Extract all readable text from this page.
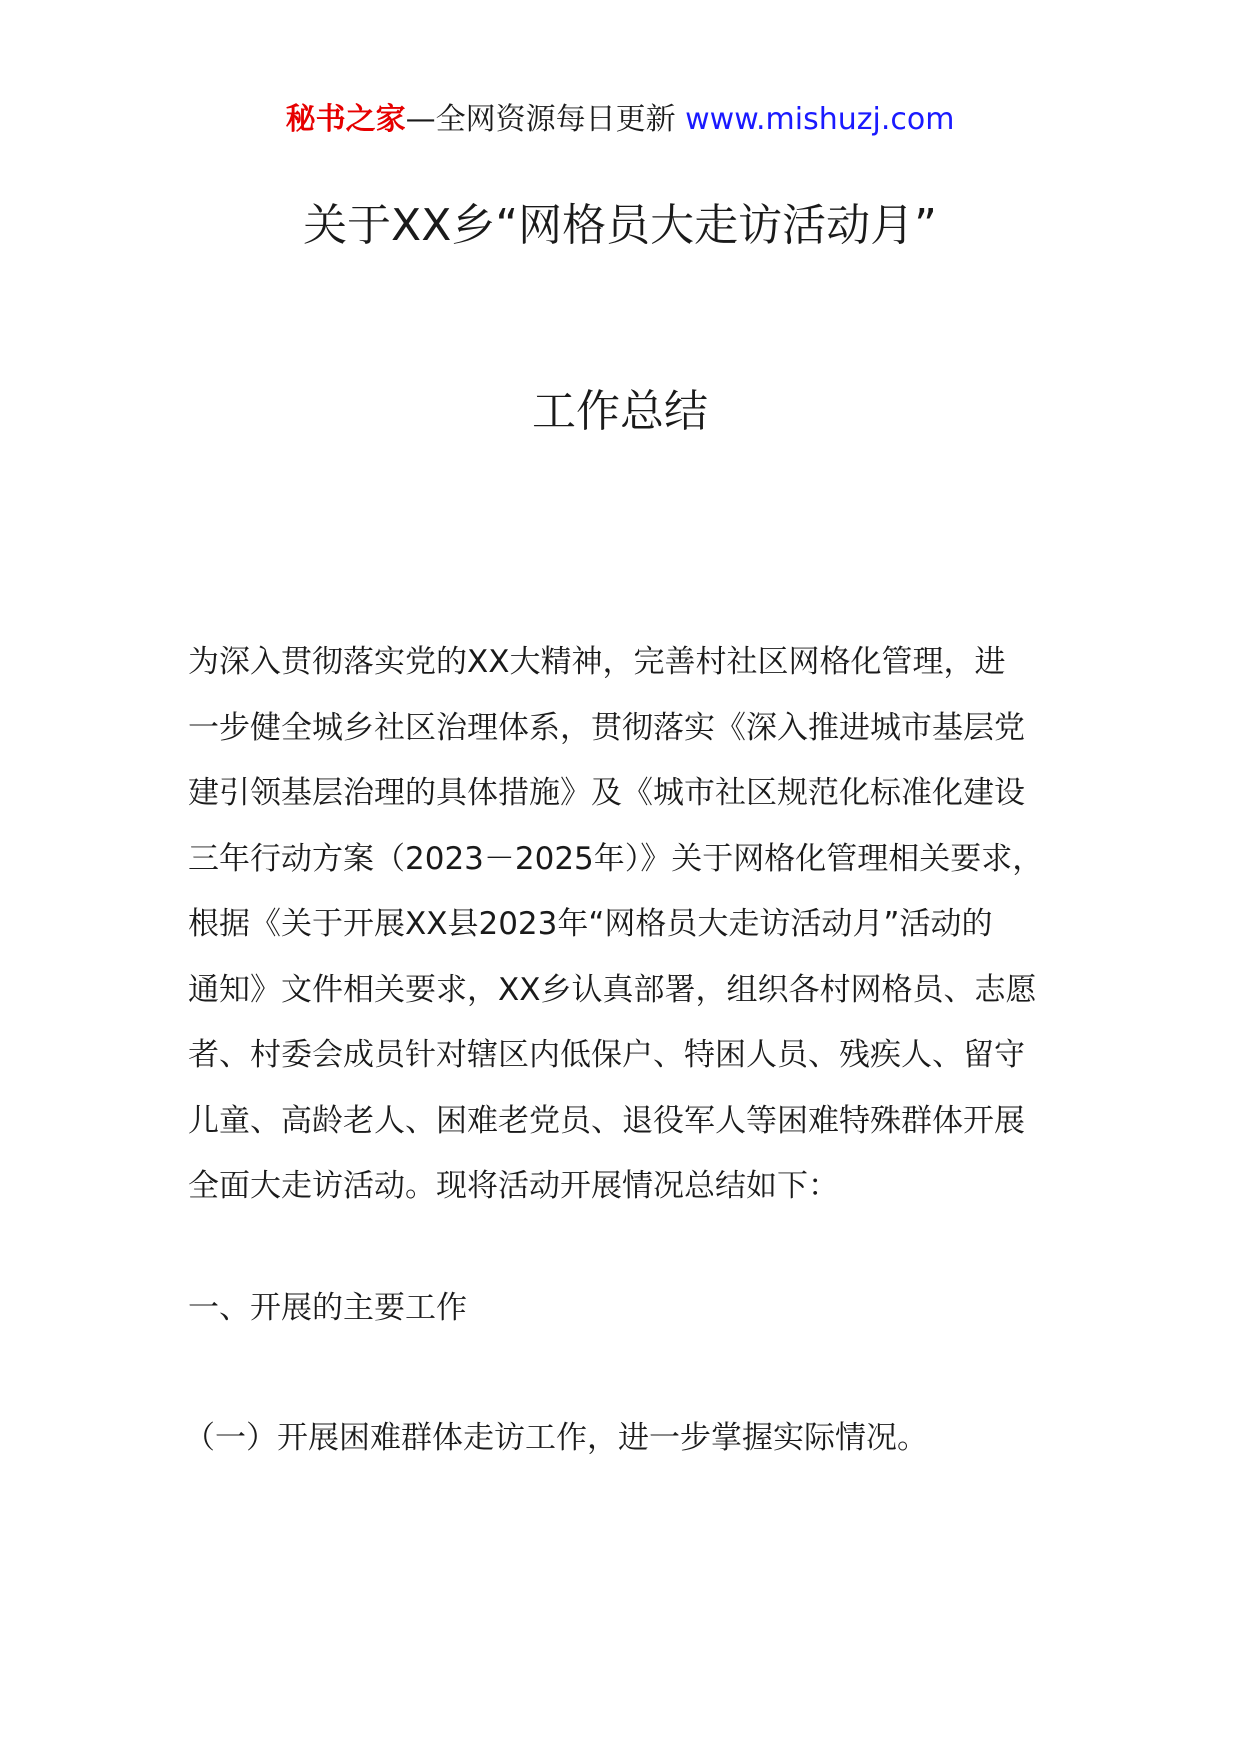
秘书之家—全网资源每日更新 www.mishuzj.com
关于XX乡“网格员大走访活动月”
工作总结
为深入贯彻落实党的XX大精神，完善村社区网格化管理，进
一步健全城乡社区治理体系，贯彻落实《深入推进城市基层党
建引领基层治理的具体措施》及《城市社区规范化标准化建设
三年行动方案（2023－2025年）》关于网格化管理相关要求，
根据《关于开展XX县2023年“网格员大走访活动月”活动的
通知》文件相关要求，XX乡认真部署，组织各村网格员、志愿
者、村委会成员针对辖区内低保户、特困人员、残疾人、留守
儿童、高龄老人、困难老党员、退役军人等困难特殊群体开展
全面大走访活动。现将活动开展情况总结如下：
一、开展的主要工作
（一）开展困难群体走访工作，进一步掌握实际情况。
